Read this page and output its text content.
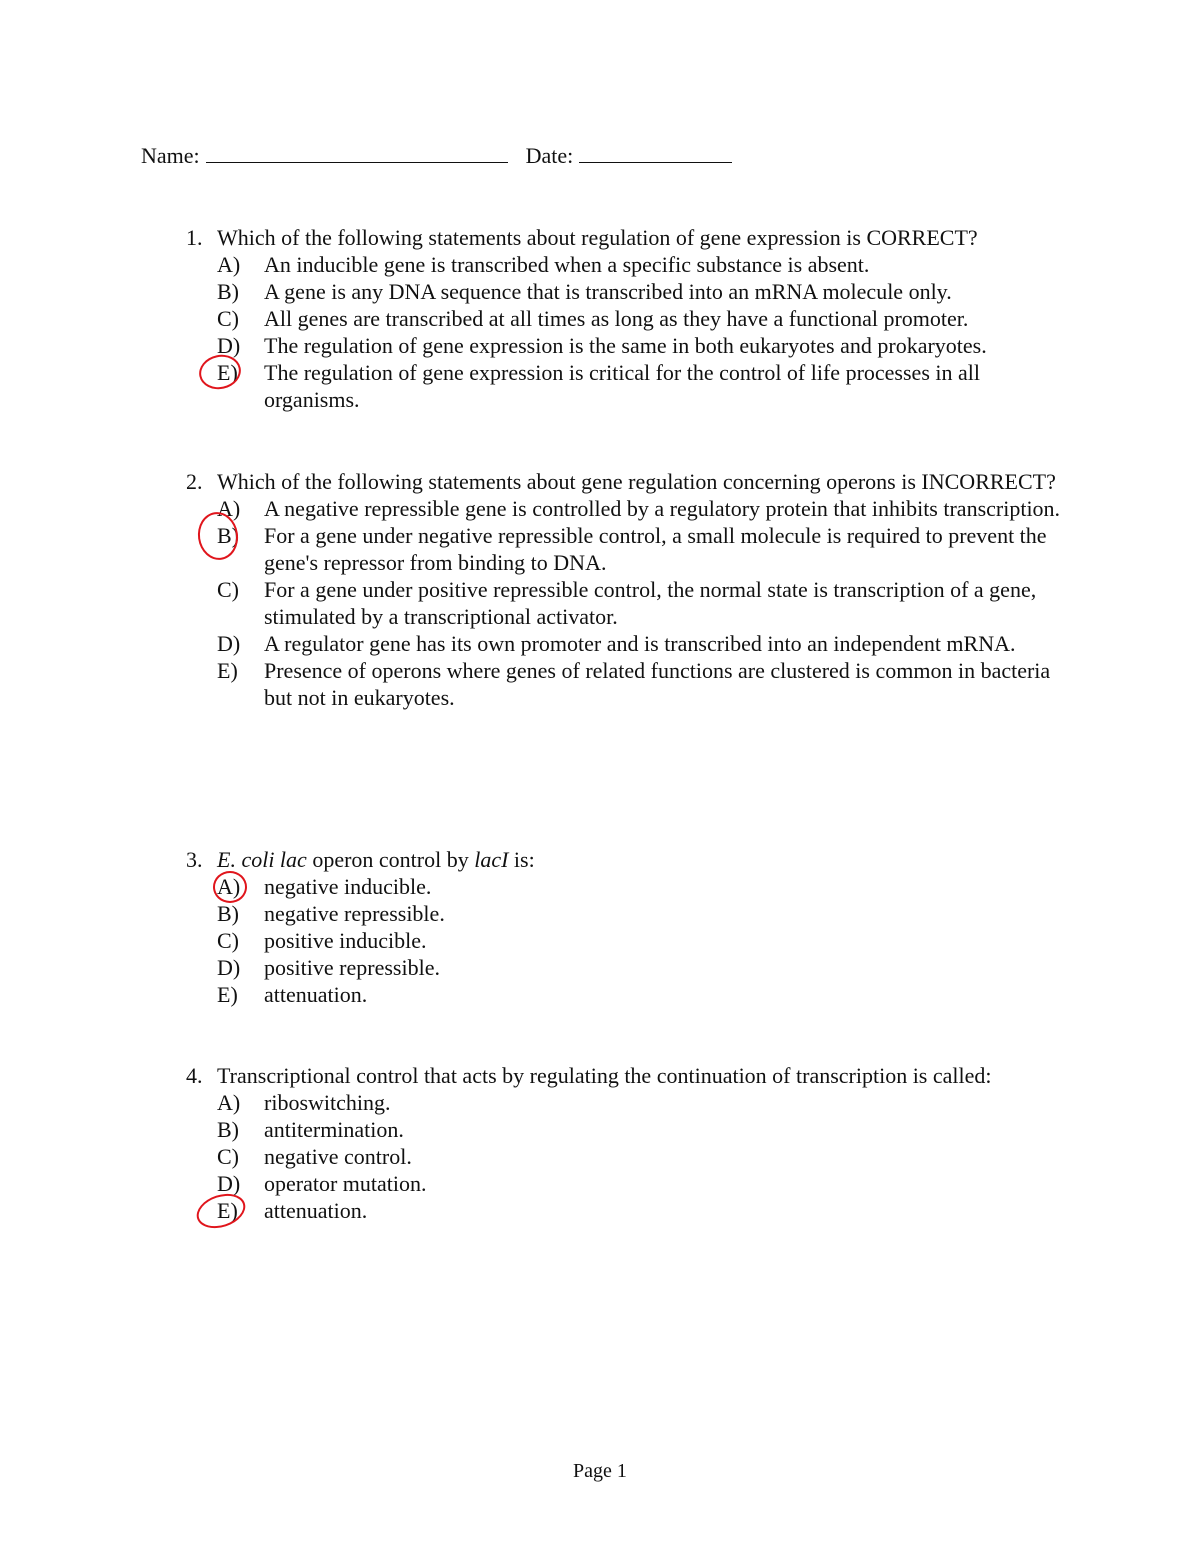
Name:	Date:
1. Which of the following statements about regulation of gene expression is CORRECT?
A)	An inducible gene is transcribed when a specific substance is absent.
B)	A gene is any DNA sequence that is transcribed into an mRNA molecule only.
C)	All genes are transcribed at all times as long as they have a functional promoter.
D)	The regulation of gene expression is the same in both eukaryotes and prokaryotes.
E)	The regulation of gene expression is critical for the control of life processes in all organisms.
2. Which of the following statements about gene regulation concerning operons is INCORRECT?
A)	A negative repressible gene is controlled by a regulatory protein that inhibits transcription.
B)	For a gene under negative repressible control, a small molecule is required to prevent the gene's repressor from binding to DNA.
C)	For a gene under positive repressible control, the normal state is transcription of a gene, stimulated by a transcriptional activator.
D)	A regulator gene has its own promoter and is transcribed into an independent mRNA.
E)	Presence of operons where genes of related functions are clustered is common in bacteria but not in eukaryotes.
3. E. coli lac operon control by lacI is:
A)	negative inducible.
B)	negative repressible.
C)	positive inducible.
D)	positive repressible.
E)	attenuation.
4. Transcriptional control that acts by regulating the continuation of transcription is called:
A)	riboswitching.
B)	antitermination.
C)	negative control.
D)	operator mutation.
E)	attenuation.
Page 1
